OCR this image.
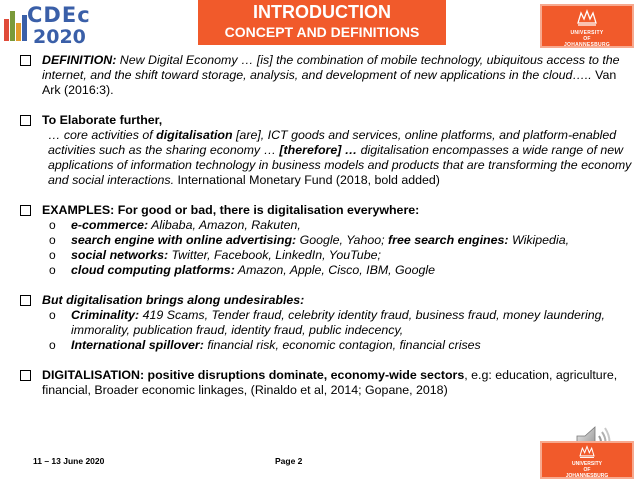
CDEc
2020
INTRODUCTION
CONCEPT AND DEFINITIONS	UNIVERSITY
OF
JOHANNESBURG
DEFINITION: New Digital Economy … [is] the combination of mobile technology, ubiquitous access to the internet, and the shift toward storage, analysis, and development of new applications in the cloud….. Van Ark (2016:3).
To Elaborate further,
… core activities of digitalisation [are], ICT goods and services, online platforms, and platform-enabled activities such as the sharing economy … [therefore] … digitalisation encompasses a wide range of new applications of information technology in business models and products that are transforming the economy and social interactions. International Monetary Fund (2018, bold added)
EXAMPLES: For good or bad, there is digitalisation everywhere:
o e-commerce: Alibaba, Amazon, Rakuten,
o search engine with online advertising: Google, Yahoo; free search engines: Wikipedia,
o social networks: Twitter, Facebook, LinkedIn, YouTube;
o cloud computing platforms: Amazon, Apple, Cisco, IBM, Google
But digitalisation brings along undesirables:
o Criminality: 419 Scams, Tender fraud, celebrity identity fraud, business fraud, money laundering, immorality, publication fraud, identity fraud, public indecency,
o International spillover: financial risk, economic contagion, financial crises
DIGITALISATION: positive disruptions dominate, economy-wide sectors, e.g: education, agriculture, financial, Broader economic linkages, (Rinaldo et al, 2014; Gopane, 2018)
11 – 13 June 2020	Page 2	UNIVERSITY
OF
JOHANNESBURG
